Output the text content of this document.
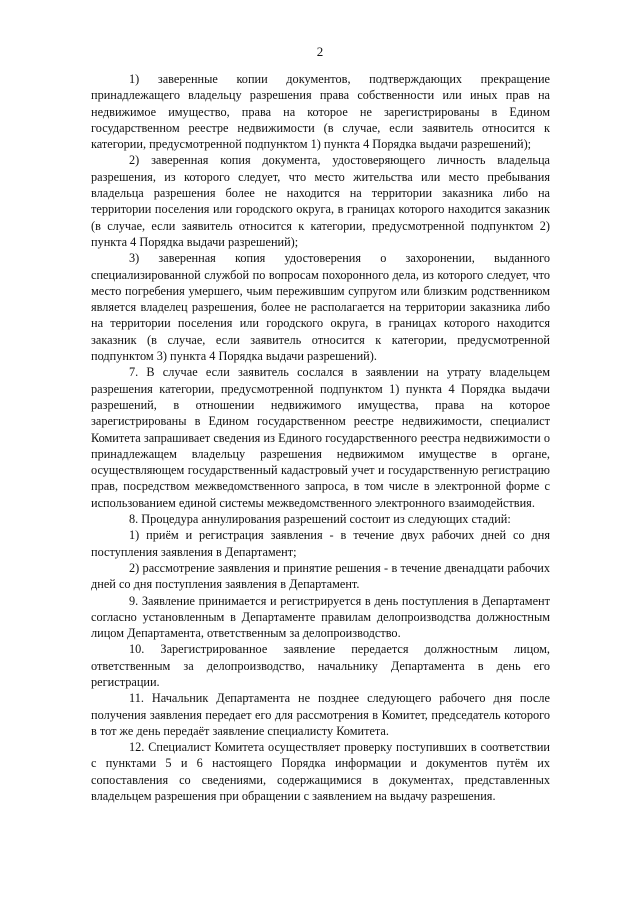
2

1) заверенные копии документов, подтверждающих прекращение принадлежащего владельцу разрешения права собственности или иных прав на недвижимое имущество, права на которое не зарегистрированы в Едином государственном реестре недвижимости (в случае, если заявитель относится к категории, предусмотренной подпунктом 1) пункта 4 Порядка выдачи разрешений);

2) заверенная копия документа, удостоверяющего личность владельца разрешения, из которого следует, что место жительства или место пребывания владельца разрешения более не находится на территории заказника либо на территории поселения или городского округа, в границах которого находится заказник (в случае, если заявитель относится к категории, предусмотренной подпунктом 2) пункта 4 Порядка выдачи разрешений);

3) заверенная копия удостоверения о захоронении, выданного специализированной службой по вопросам похоронного дела, из которого следует, что место погребения умершего, чьим пережившим супругом или близким родственником является владелец разрешения, более не располагается на территории заказника либо на территории поселения или городского округа, в границах которого находится заказник (в случае, если заявитель относится к категории, предусмотренной подпунктом 3) пункта 4 Порядка выдачи разрешений).

7. В случае если заявитель сослался в заявлении на утрату владельцем разрешения категории, предусмотренной подпунктом 1) пункта 4 Порядка выдачи разрешений, в отношении недвижимого имущества, права на которое зарегистрированы в Едином государственном реестре недвижимости, специалист Комитета запрашивает сведения из Единого государственного реестра недвижимости о принадлежащем владельцу разрешения недвижимом имуществе в органе, осуществляющем государственный кадастровый учет и государственную регистрацию прав, посредством межведомственного запроса, в том числе в электронной форме с использованием единой системы межведомственного электронного взаимодействия.

8. Процедура аннулирования разрешений состоит из следующих стадий:

1) приём и регистрация заявления - в течение двух рабочих дней со дня поступления заявления в Департамент;

2) рассмотрение заявления и принятие решения - в течение двенадцати рабочих дней со дня поступления заявления в Департамент.

9. Заявление принимается и регистрируется в день поступления в Департамент согласно установленным в Департаменте правилам делопроизводства должностным лицом Департамента, ответственным за делопроизводство.

10. Зарегистрированное заявление передается должностным лицом, ответственным за делопроизводство, начальнику Департамента в день его регистрации.

11. Начальник Департамента не позднее следующего рабочего дня после получения заявления передает его для рассмотрения в Комитет, председатель которого в тот же день передаёт заявление специалисту Комитета.

12. Специалист Комитета осуществляет проверку поступивших в соответствии с пунктами 5 и 6 настоящего Порядка информации и документов путём их сопоставления со сведениями, содержащимися в документах, представленных владельцем разрешения при обращении с заявлением на выдачу разрешения.
